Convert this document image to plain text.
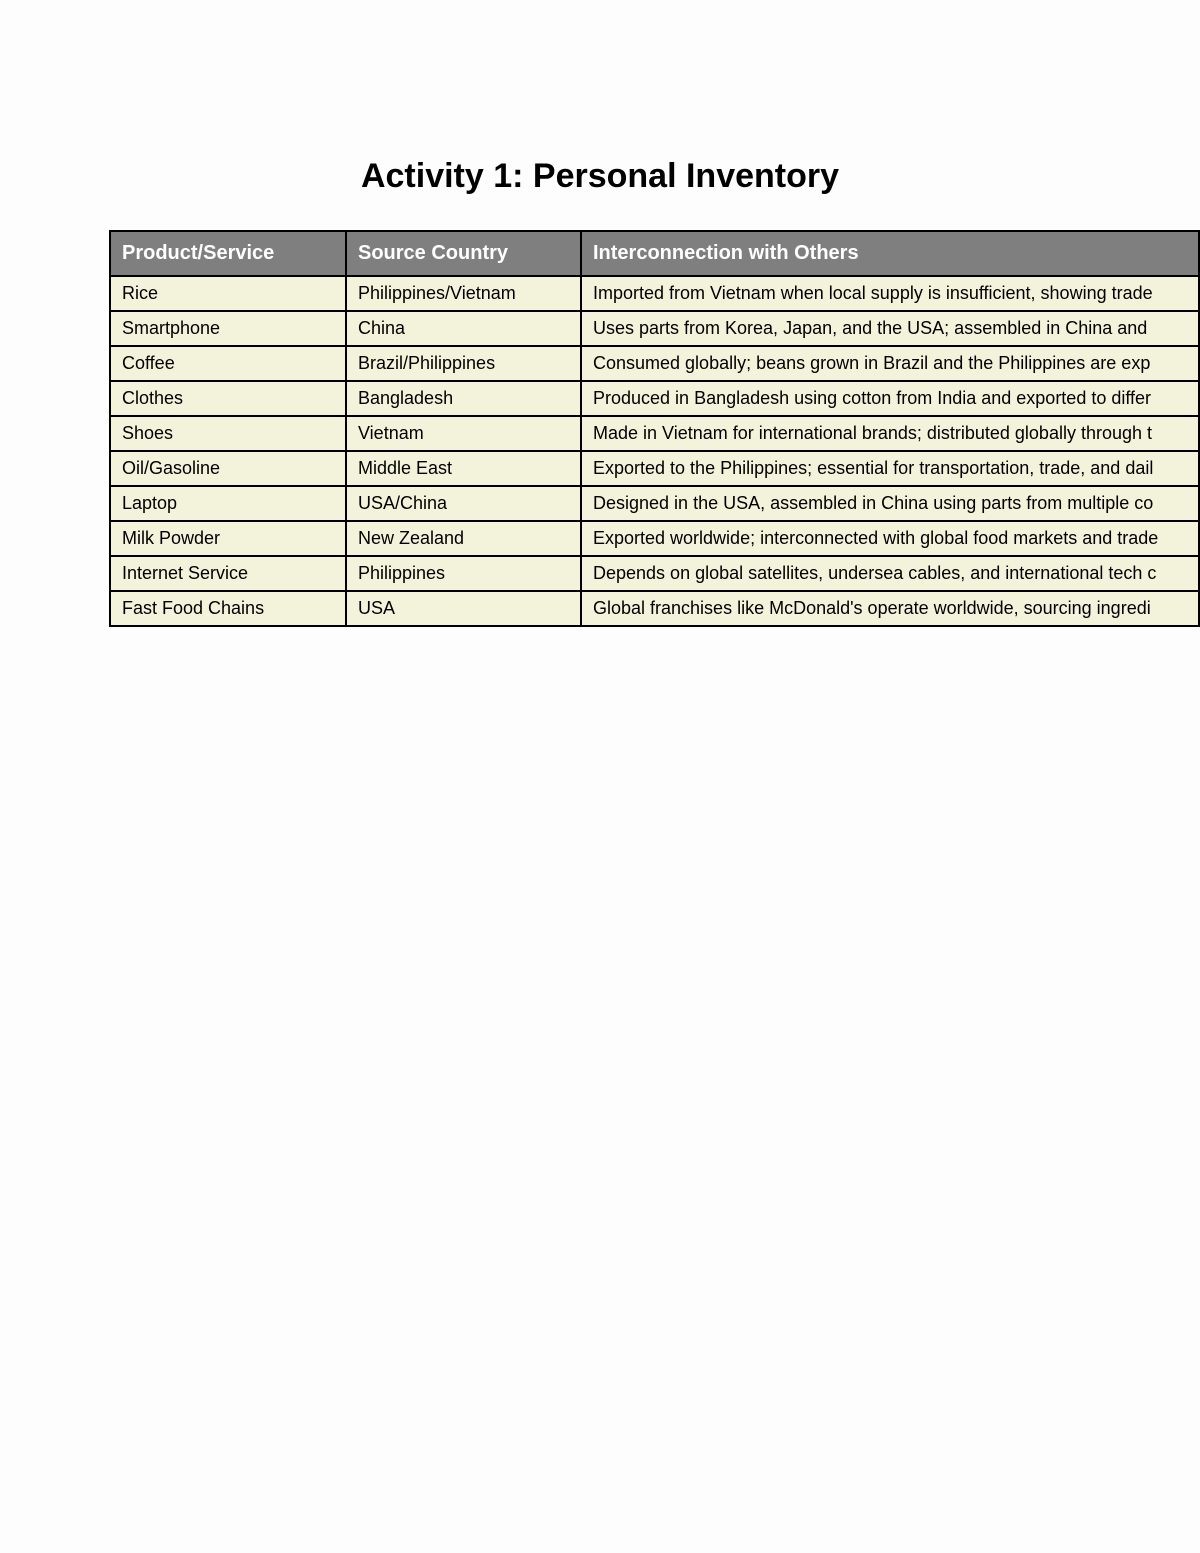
Activity 1: Personal Inventory
Product/Service	Source Country	Interconnection with Others
Rice	Philippines/Vietnam	Imported from Vietnam when local supply is insufficient, showing trade
Smartphone	China	Uses parts from Korea, Japan, and the USA; assembled in China and
Coffee	Brazil/Philippines	Consumed globally; beans grown in Brazil and the Philippines are exp
Clothes	Bangladesh	Produced in Bangladesh using cotton from India and exported to differ
Shoes	Vietnam	Made in Vietnam for international brands; distributed globally through t
Oil/Gasoline	Middle East	Exported to the Philippines; essential for transportation, trade, and dail
Laptop	USA/China	Designed in the USA, assembled in China using parts from multiple co
Milk Powder	New Zealand	Exported worldwide; interconnected with global food markets and trade
Internet Service	Philippines	Depends on global satellites, undersea cables, and international tech c
Fast Food Chains	USA	Global franchises like McDonald's operate worldwide, sourcing ingredi
